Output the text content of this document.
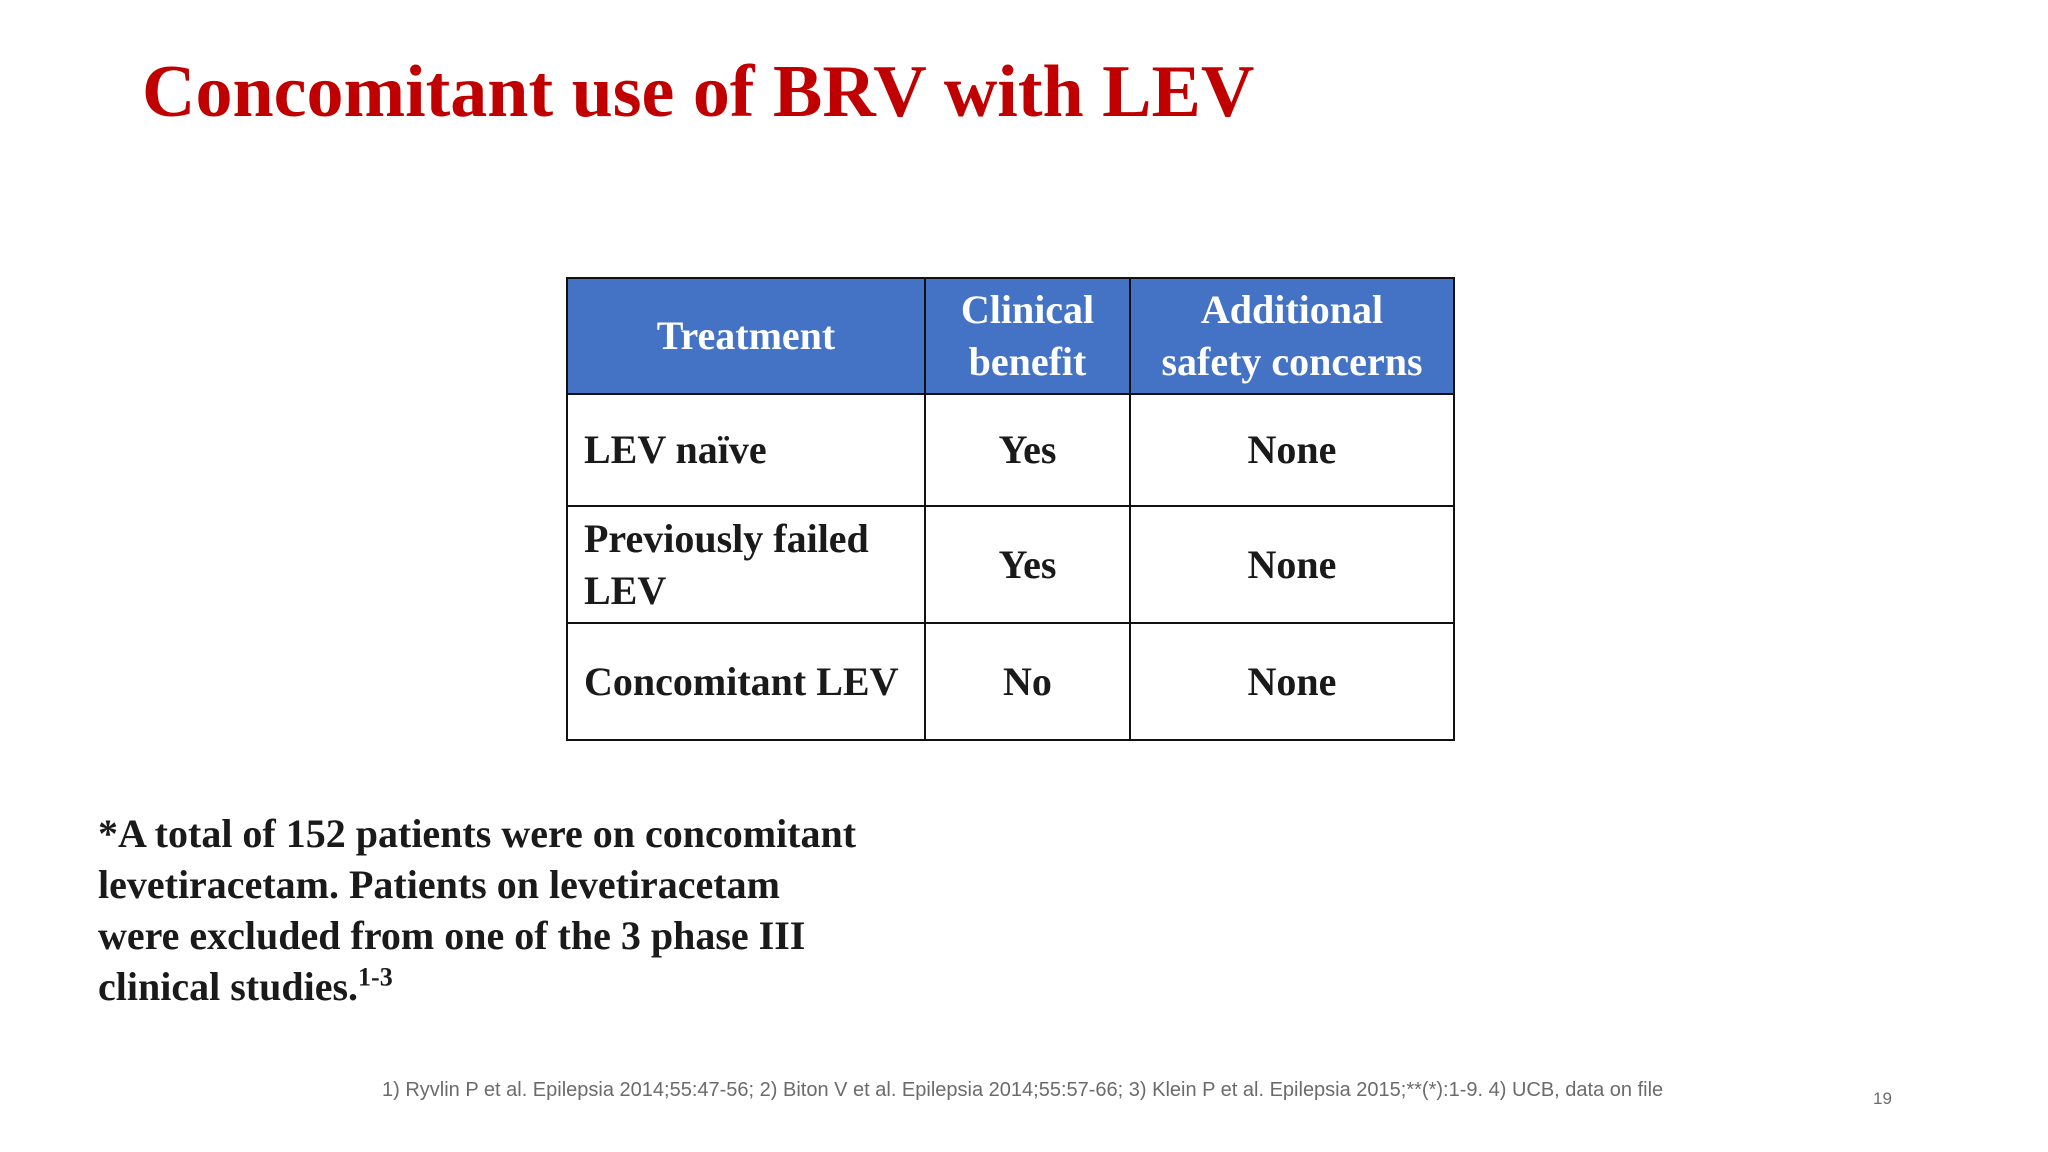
Concomitant use of BRV with LEV
Treatment	Clinical benefit	Additional safety concerns
LEV naïve	Yes	None
Previously failed LEV	Yes	None
Concomitant LEV	No	None

*A total of 152 patients were on concomitant levetiracetam. Patients on levetiracetam were excluded from one of the 3 phase III clinical studies.$^{1-3}$

1) Ryvlin P et al. Epilepsia 2014;55:47-56; 2) Biton V et al. Epilepsia 2014;55:57-66; 3) Klein P et al. Epilepsia 2015;**(*):1-9. 4) UCB, data on file	19
